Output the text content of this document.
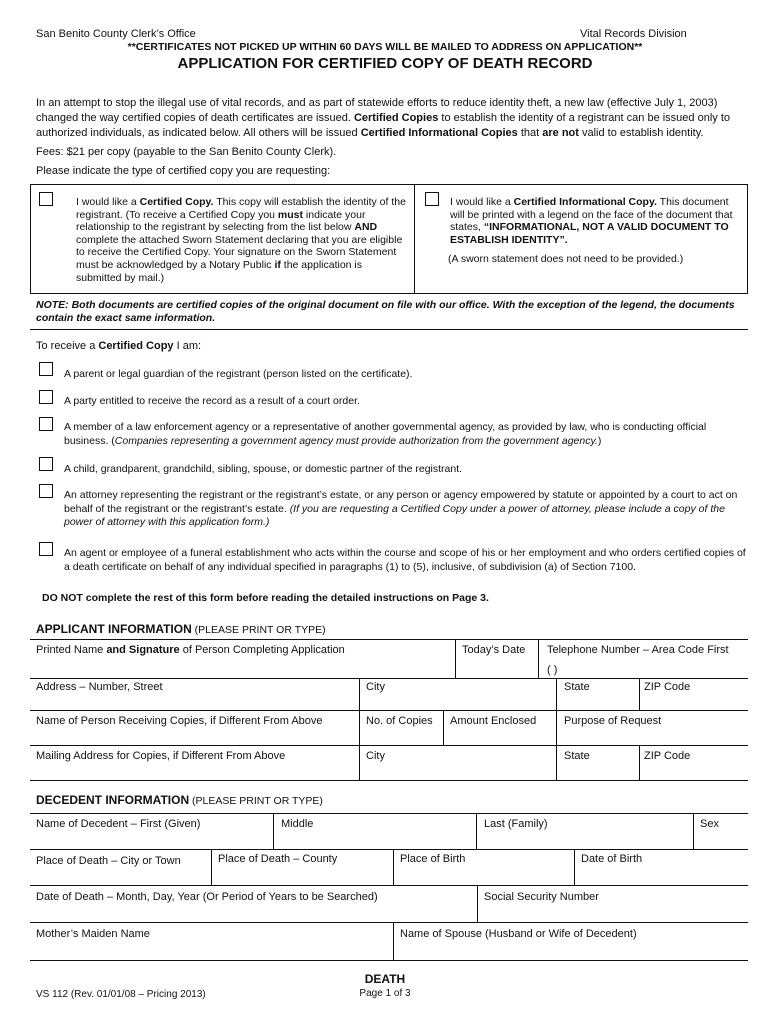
San Benito County Clerk’s Office	Vital Records Division
**CERTIFICATES NOT PICKED UP WITHIN 60 DAYS WILL BE MAILED TO ADDRESS ON APPLICATION**
APPLICATION FOR CERTIFIED COPY OF DEATH RECORD

In an attempt to stop the illegal use of vital records, and as part of statewide efforts to reduce identity theft, a new law (effective July 1, 2003) changed the way certified copies of death certificates are issued. Certified Copies to establish the identity of a registrant can be issued only to authorized individuals, as indicated below. All others will be issued Certified Informational Copies that are not valid to establish identity.

Fees: $21 per copy (payable to the San Benito County Clerk).
Please indicate the type of certified copy you are requesting:

I would like a Certified Copy. This copy will establish the identity of the registrant. (To receive a Certified Copy you must indicate your relationship to the registrant by selecting from the list below AND complete the attached Sworn Statement declaring that you are eligible to receive the Certified Copy. Your signature on the Sworn Statement must be acknowledged by a Notary Public if the application is submitted by mail.)

I would like a Certified Informational Copy. This document will be printed with a legend on the face of the document that states, “INFORMATIONAL, NOT A VALID DOCUMENT TO ESTABLISH IDENTITY”.

(A sworn statement does not need to be provided.)
NOTE: Both documents are certified copies of the original document on file with our office. With the exception of the legend, the documents contain the exact same information.
To receive a Certified Copy I am:

A parent or legal guardian of the registrant (person listed on the certificate).

A party entitled to receive the record as a result of a court order.

A member of a law enforcement agency or a representative of another governmental agency, as provided by law, who is conducting official business. (Companies representing a government agency must provide authorization from the government agency.)

A child, grandparent, grandchild, sibling, spouse, or domestic partner of the registrant.

An attorney representing the registrant or the registrant’s estate, or any person or agency empowered by statute or appointed by a court to act on behalf of the registrant or the registrant’s estate. (If you are requesting a Certified Copy under a power of attorney, please include a copy of the power of attorney with this application form.)

An agent or employee of a funeral establishment who acts within the course and scope of his or her employment and who orders certified copies of a death certificate on behalf of any individual specified in paragraphs (1) to (5), inclusive, of subdivision (a) of Section 7100.

DO NOT complete the rest of this form before reading the detailed instructions on Page 3.
APPLICANT INFORMATION (PLEASE PRINT OR TYPE)
Printed Name and Signature of Person Completing Application	Today’s Date Telephone Number – Area Code First
( )
Address – Number, Street	City	State	ZIP Code
Name of Person Receiving Copies, if Different From Above	No. of Copies Amount Enclosed	Purpose of Request
Mailing Address for Copies, if Different From Above	City	State	ZIP Code
DECEDENT INFORMATION (PLEASE PRINT OR TYPE)
Name of Decedent – First (Given)	Middle	Last (Family)	Sex
Place of Death – City or Town	Place of Death – County	Place of Birth	Date of Birth
Date of Death – Month, Day, Year (Or Period of Years to be Searched)	Social Security Number
Mother’s Maiden Name	Name of Spouse (Husband or Wife of Decedent)
DEATH
VS 112 (Rev. 01/01/08 – Pricing 2013)	Page 1 of 3
